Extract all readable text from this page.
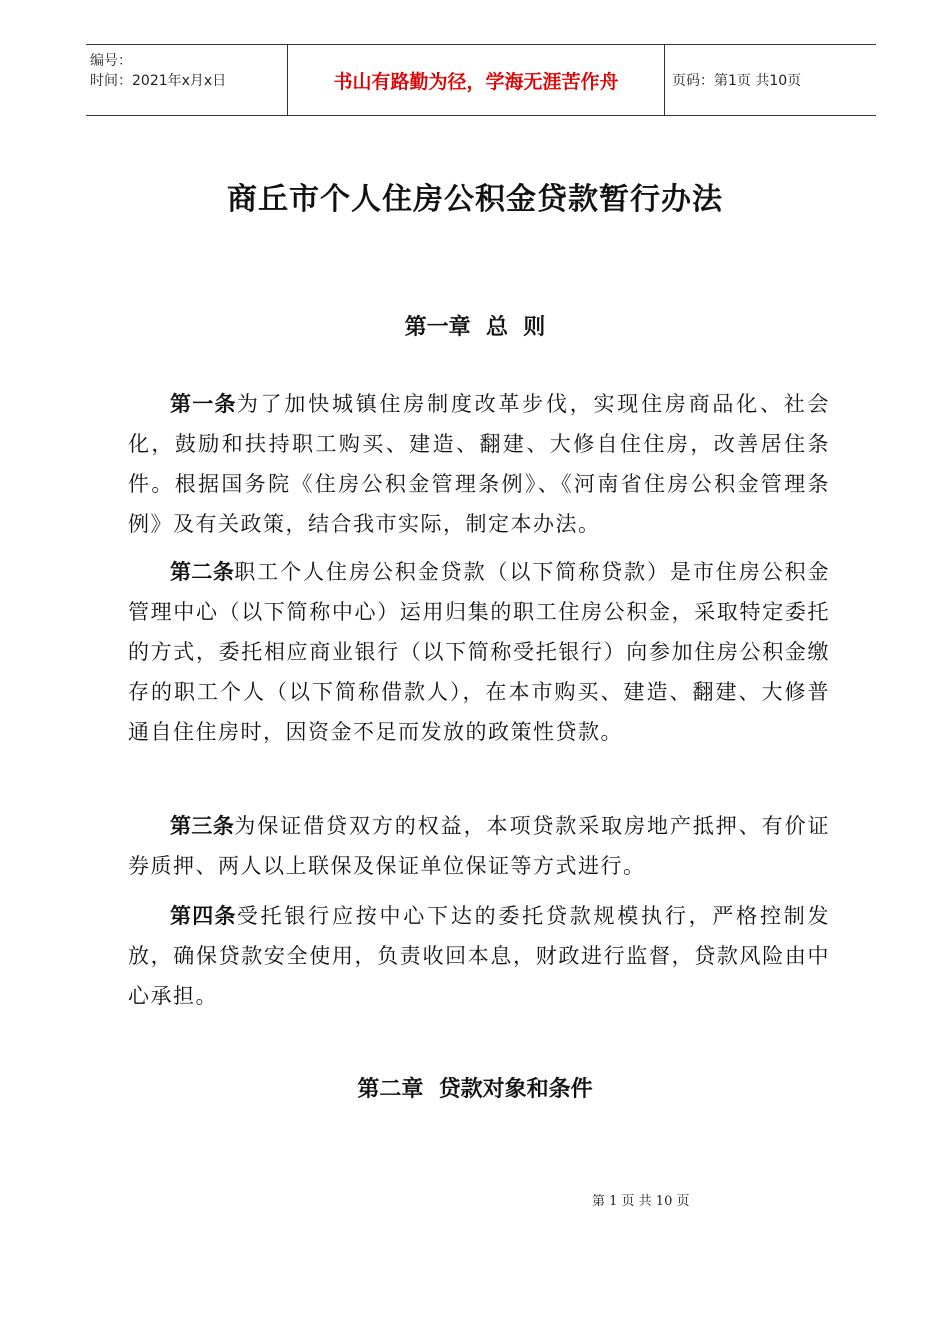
编号：
时间：2021年x月x日	书山有路勤为径，学海无涯苦作舟	页码：第1页 共10页
商丘市个人住房公积金贷款暂行办法
第一章  总  则
第一条为了加快城镇住房制度改革步伐，实现住房商品化、社会化，鼓励和扶持职工购买、建造、翻建、大修自住住房，改善居住条件。根据国务院《住房公积金管理条例》、《河南省住房公积金管理条例》及有关政策，结合我市实际，制定本办法。
第二条职工个人住房公积金贷款（以下简称贷款）是市住房公积金管理中心（以下简称中心）运用归集的职工住房公积金，采取特定委托的方式，委托相应商业银行（以下简称受托银行）向参加住房公积金缴存的职工个人（以下简称借款人），在本市购买、建造、翻建、大修普通自住住房时，因资金不足而发放的政策性贷款。
第三条为保证借贷双方的权益，本项贷款采取房地产抵押、有价证券质押、两人以上联保及保证单位保证等方式进行。
第四条受托银行应按中心下达的委托贷款规模执行，严格控制发放，确保贷款安全使用，负责收回本息，财政进行监督，贷款风险由中心承担。
第二章  贷款对象和条件
第 1 页 共 10 页
